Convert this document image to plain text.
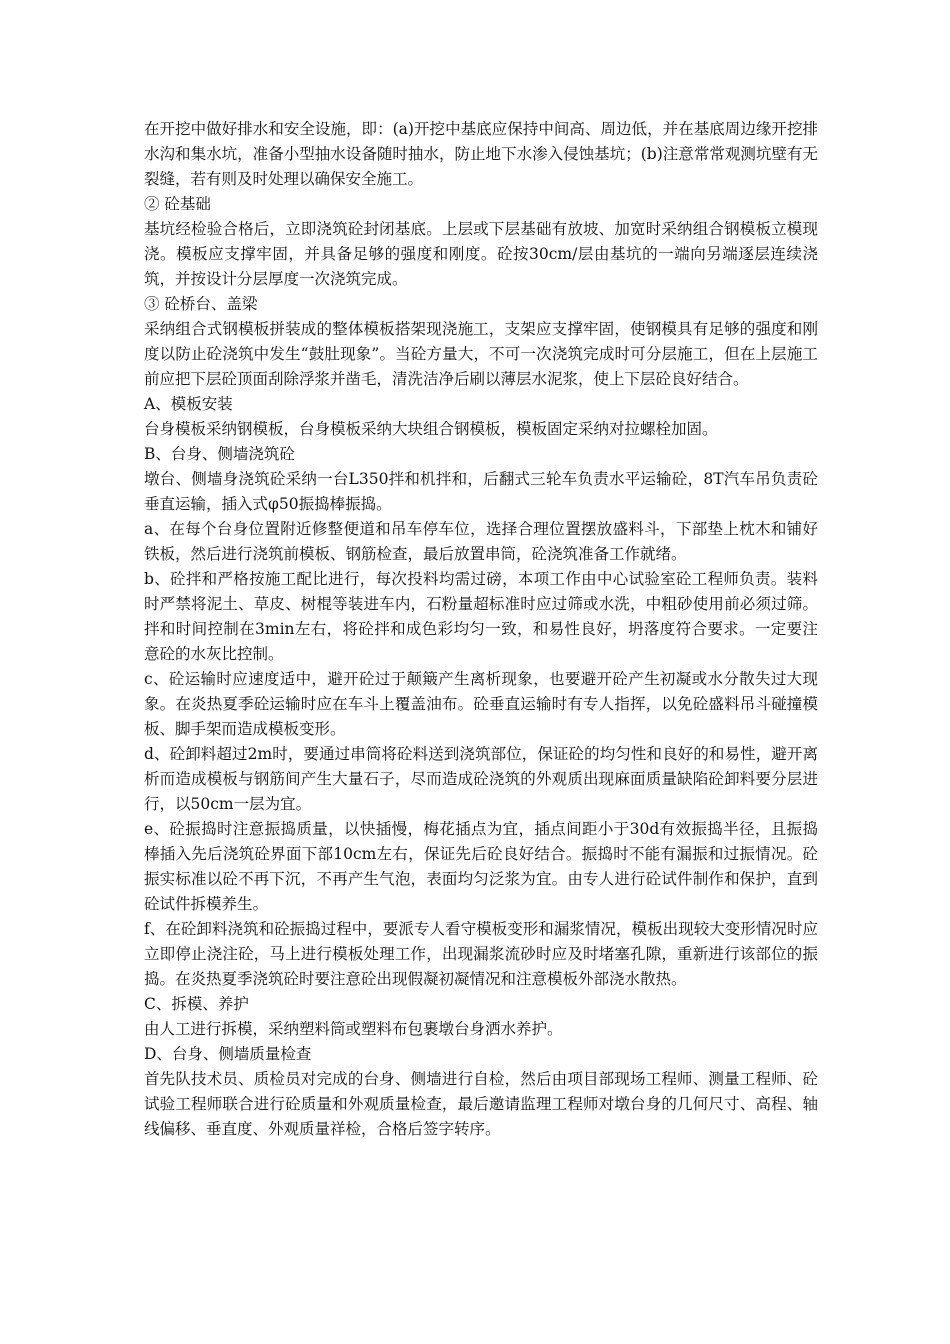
在开挖中做好排水和安全设施，即：(a)开挖中基底应保持中间高、周边低，并在基底周边缘开挖排水沟和集水坑，准备小型抽水设备随时抽水，防止地下水渗入侵蚀基坑；(b)注意常常观测坑壁有无裂缝，若有则及时处理以确保安全施工。

② 砼基础

基坑经检验合格后，立即浇筑砼封闭基底。上层或下层基础有放坡、加宽时采纳组合钢模板立模现浇。模板应支撑牢固，并具备足够的强度和刚度。砼按30cm/层由基坑的一端向另端逐层连续浇筑，并按设计分层厚度一次浇筑完成。

③ 砼桥台、盖梁

采纳组合式钢模板拼装成的整体模板搭架现浇施工，支架应支撑牢固，使钢模具有足够的强度和刚度以防止砼浇筑中发生“鼓肚现象”。当砼方量大，不可一次浇筑完成时可分层施工，但在上层施工前应把下层砼顶面刮除浮浆并凿毛，清洗洁净后刷以薄层水泥浆，使上下层砼良好结合。

A、模板安装

台身模板采纳钢模板，台身模板采纳大块组合钢模板，模板固定采纳对拉螺栓加固。

B、台身、侧墙浇筑砼

墩台、侧墙身浇筑砼采纳一台L350拌和机拌和，后翻式三轮车负责水平运输砼，8T汽车吊负责砼垂直运输，插入式φ50振捣棒振捣。

a、在每个台身位置附近修整便道和吊车停车位，选择合理位置摆放盛料斗，下部垫上枕木和铺好铁板，然后进行浇筑前模板、钢筋检查，最后放置串筒，砼浇筑准备工作就绪。

b、砼拌和严格按施工配比进行，每次投料均需过磅，本项工作由中心试验室砼工程师负责。装料时严禁将泥土、草皮、树棍等装进车内，石粉量超标准时应过筛或水洗，中粗砂使用前必须过筛。拌和时间控制在3min左右，将砼拌和成色彩均匀一致，和易性良好，坍落度符合要求。一定要注意砼的水灰比控制。

c、砼运输时应速度适中，避开砼过于颠簸产生离析现象，也要避开砼产生初凝或水分散失过大现象。在炎热夏季砼运输时应在车斗上覆盖油布。砼垂直运输时有专人指挥，以免砼盛料吊斗碰撞模板、脚手架而造成模板变形。

d、砼卸料超过2m时，要通过串筒将砼料送到浇筑部位，保证砼的均匀性和良好的和易性，避开离析而造成模板与钢筋间产生大量石子，尽而造成砼浇筑的外观质出现麻面质量缺陷砼卸料要分层进行，以50cm一层为宜。

e、砼振捣时注意振捣质量，以快插慢，梅花插点为宜，插点间距小于30d有效振捣半径，且振捣棒插入先后浇筑砼界面下部10cm左右，保证先后砼良好结合。振捣时不能有漏振和过振情况。砼振实标准以砼不再下沉，不再产生气泡，表面均匀泛浆为宜。由专人进行砼试件制作和保护，直到砼试件拆模养生。

f、在砼卸料浇筑和砼振捣过程中，要派专人看守模板变形和漏浆情况，模板出现较大变形情况时应立即停止浇注砼，马上进行模板处理工作，出现漏浆流砂时应及时堵塞孔隙，重新进行该部位的振捣。在炎热夏季浇筑砼时要注意砼出现假凝初凝情况和注意模板外部浇水散热。

C、拆模、养护

由人工进行拆模，采纳塑料筒或塑料布包裹墩台身洒水养护。

D、台身、侧墙质量检查

首先队技术员、质检员对完成的台身、侧墙进行自检，然后由项目部现场工程师、测量工程师、砼试验工程师联合进行砼质量和外观质量检查，最后邀请监理工程师对墩台身的几何尺寸、高程、轴线偏移、垂直度、外观质量祥检，合格后签字转序。
